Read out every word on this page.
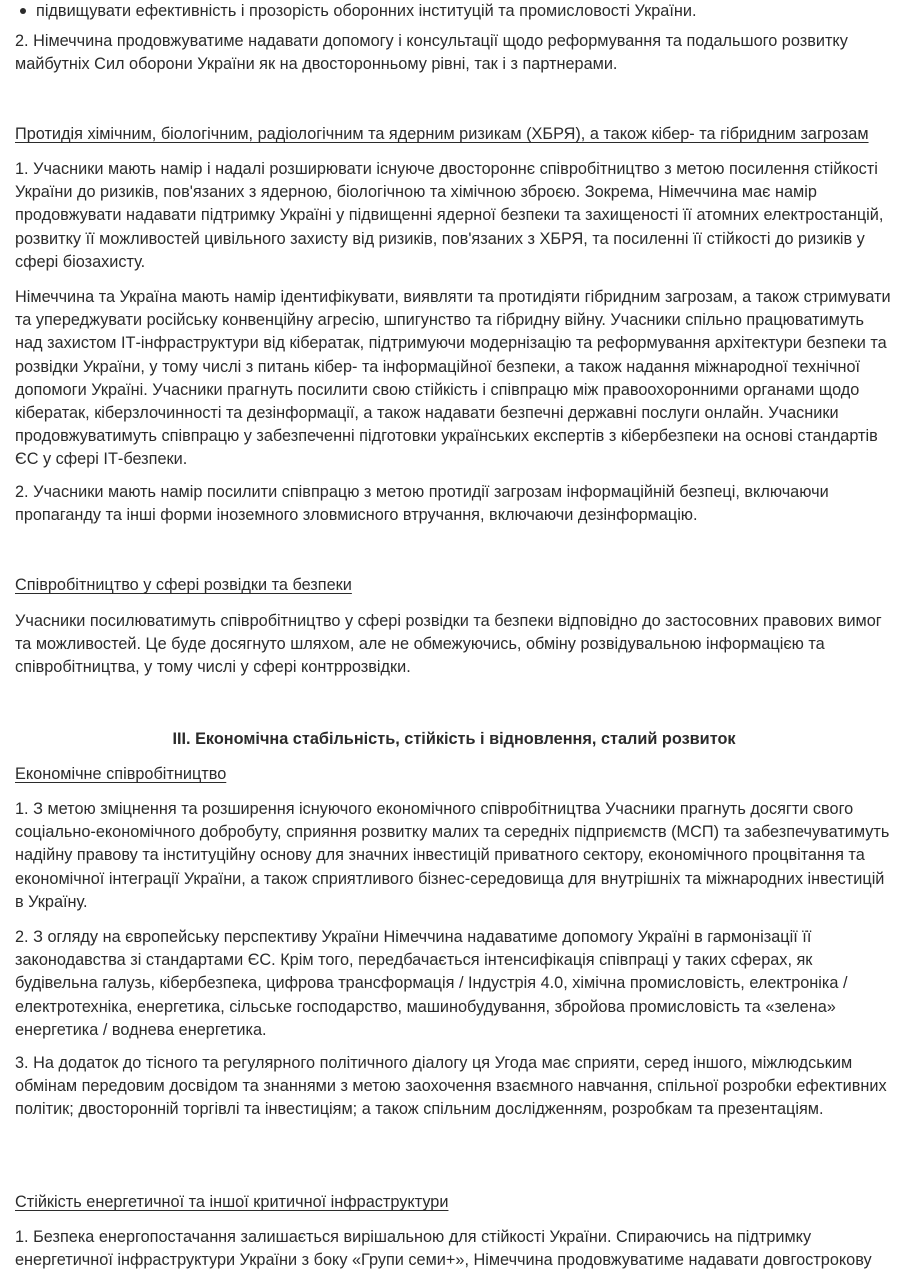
підвищувати ефективність і прозорість оборонних інституцій та промисловості України.

2. Німеччина продовжуватиме надавати допомогу і консультації щодо реформування та подальшого розвитку майбутніх Сил оборони України як на двосторонньому рівні, так і з партнерами.

Протидія хімічним, біологічним, радіологічним та ядерним ризикам (ХБРЯ), а також кібер- та гібридним загрозам

1. Учасники мають намір і надалі розширювати існуюче двостороннє співробітництво з метою посилення стійкості України до ризиків, пов'язаних з ядерною, біологічною та хімічною зброєю. Зокрема, Німеччина має намір продовжувати надавати підтримку Україні у підвищенні ядерної безпеки та захищеності її атомних електростанцій, розвитку її можливостей цивільного захисту від ризиків, пов'язаних з ХБРЯ, та посиленні її стійкості до ризиків у сфері біозахисту.

Німеччина та Україна мають намір ідентифікувати, виявляти та протидіяти гібридним загрозам, а також стримувати та упереджувати російську конвенційну агресію, шпигунство та гібридну війну. Учасники спільно працюватимуть над захистом ІТ-інфраструктури від кібератак, підтримуючи модернізацію та реформування архітектури безпеки та розвідки України, у тому числі з питань кібер- та інформаційної безпеки, а також надання міжнародної технічної допомоги Україні. Учасники прагнуть посилити свою стійкість і співпрацю між правоохоронними органами щодо кібератак, кіберзлочинності та дезінформації, а також надавати безпечні державні послуги онлайн. Учасники продовжуватимуть співпрацю у забезпеченні підготовки українських експертів з кібербезпеки на основі стандартів ЄС у сфері ІТ-безпеки.

2. Учасники мають намір посилити співпрацю з метою протидії загрозам інформаційній безпеці, включаючи пропаганду та інші форми іноземного зловмисного втручання, включаючи дезінформацію.

Співробітництво у сфері розвідки та безпеки

Учасники посилюватимуть співробітництво у сфері розвідки та безпеки відповідно до застосовних правових вимог та можливостей. Це буде досягнуто шляхом, але не обмежуючись, обміну розвідувальною інформацією та співробітництва, у тому числі у сфері контррозвідки.

III. Економічна стабільність, стійкість і відновлення, сталий розвиток

Економічне співробітництво

1. З метою зміцнення та розширення існуючого економічного співробітництва Учасники прагнуть досягти свого соціально-економічного добробуту, сприяння розвитку малих та середніх підприємств (МСП) та забезпечуватимуть надійну правову та інституційну основу для значних інвестицій приватного сектору, економічного процвітання та економічної інтеграції України, а також сприятливого бізнес-середовища для внутрішніх та міжнародних інвестицій в Україну.

2. З огляду на європейську перспективу України Німеччина надаватиме допомогу Україні в гармонізації її законодавства зі стандартами ЄС. Крім того, передбачається інтенсифікація співпраці у таких сферах, як будівельна галузь, кібербезпека, цифрова трансформація / Індустрія 4.0, хімічна промисловість, електроніка / електротехніка, енергетика, сільське господарство, машинобудування, збройова промисловість та «зелена» енергетика / воднева енергетика.

3. На додаток до тісного та регулярного політичного діалогу ця Угода має сприяти, серед іншого, міжлюдським обмінам передовим досвідом та знаннями з метою заохочення взаємного навчання, спільної розробки ефективних політик; двосторонній торгівлі та інвестиціям; а також спільним дослідженням, розробкам та презентаціям.

Стійкість енергетичної та іншої критичної інфраструктури

1. Безпека енергопостачання залишається вирішальною для стійкості України. Спираючись на підтримку енергетичної інфраструктури України з боку «Групи семи+», Німеччина продовжуватиме надавати довгострокову
